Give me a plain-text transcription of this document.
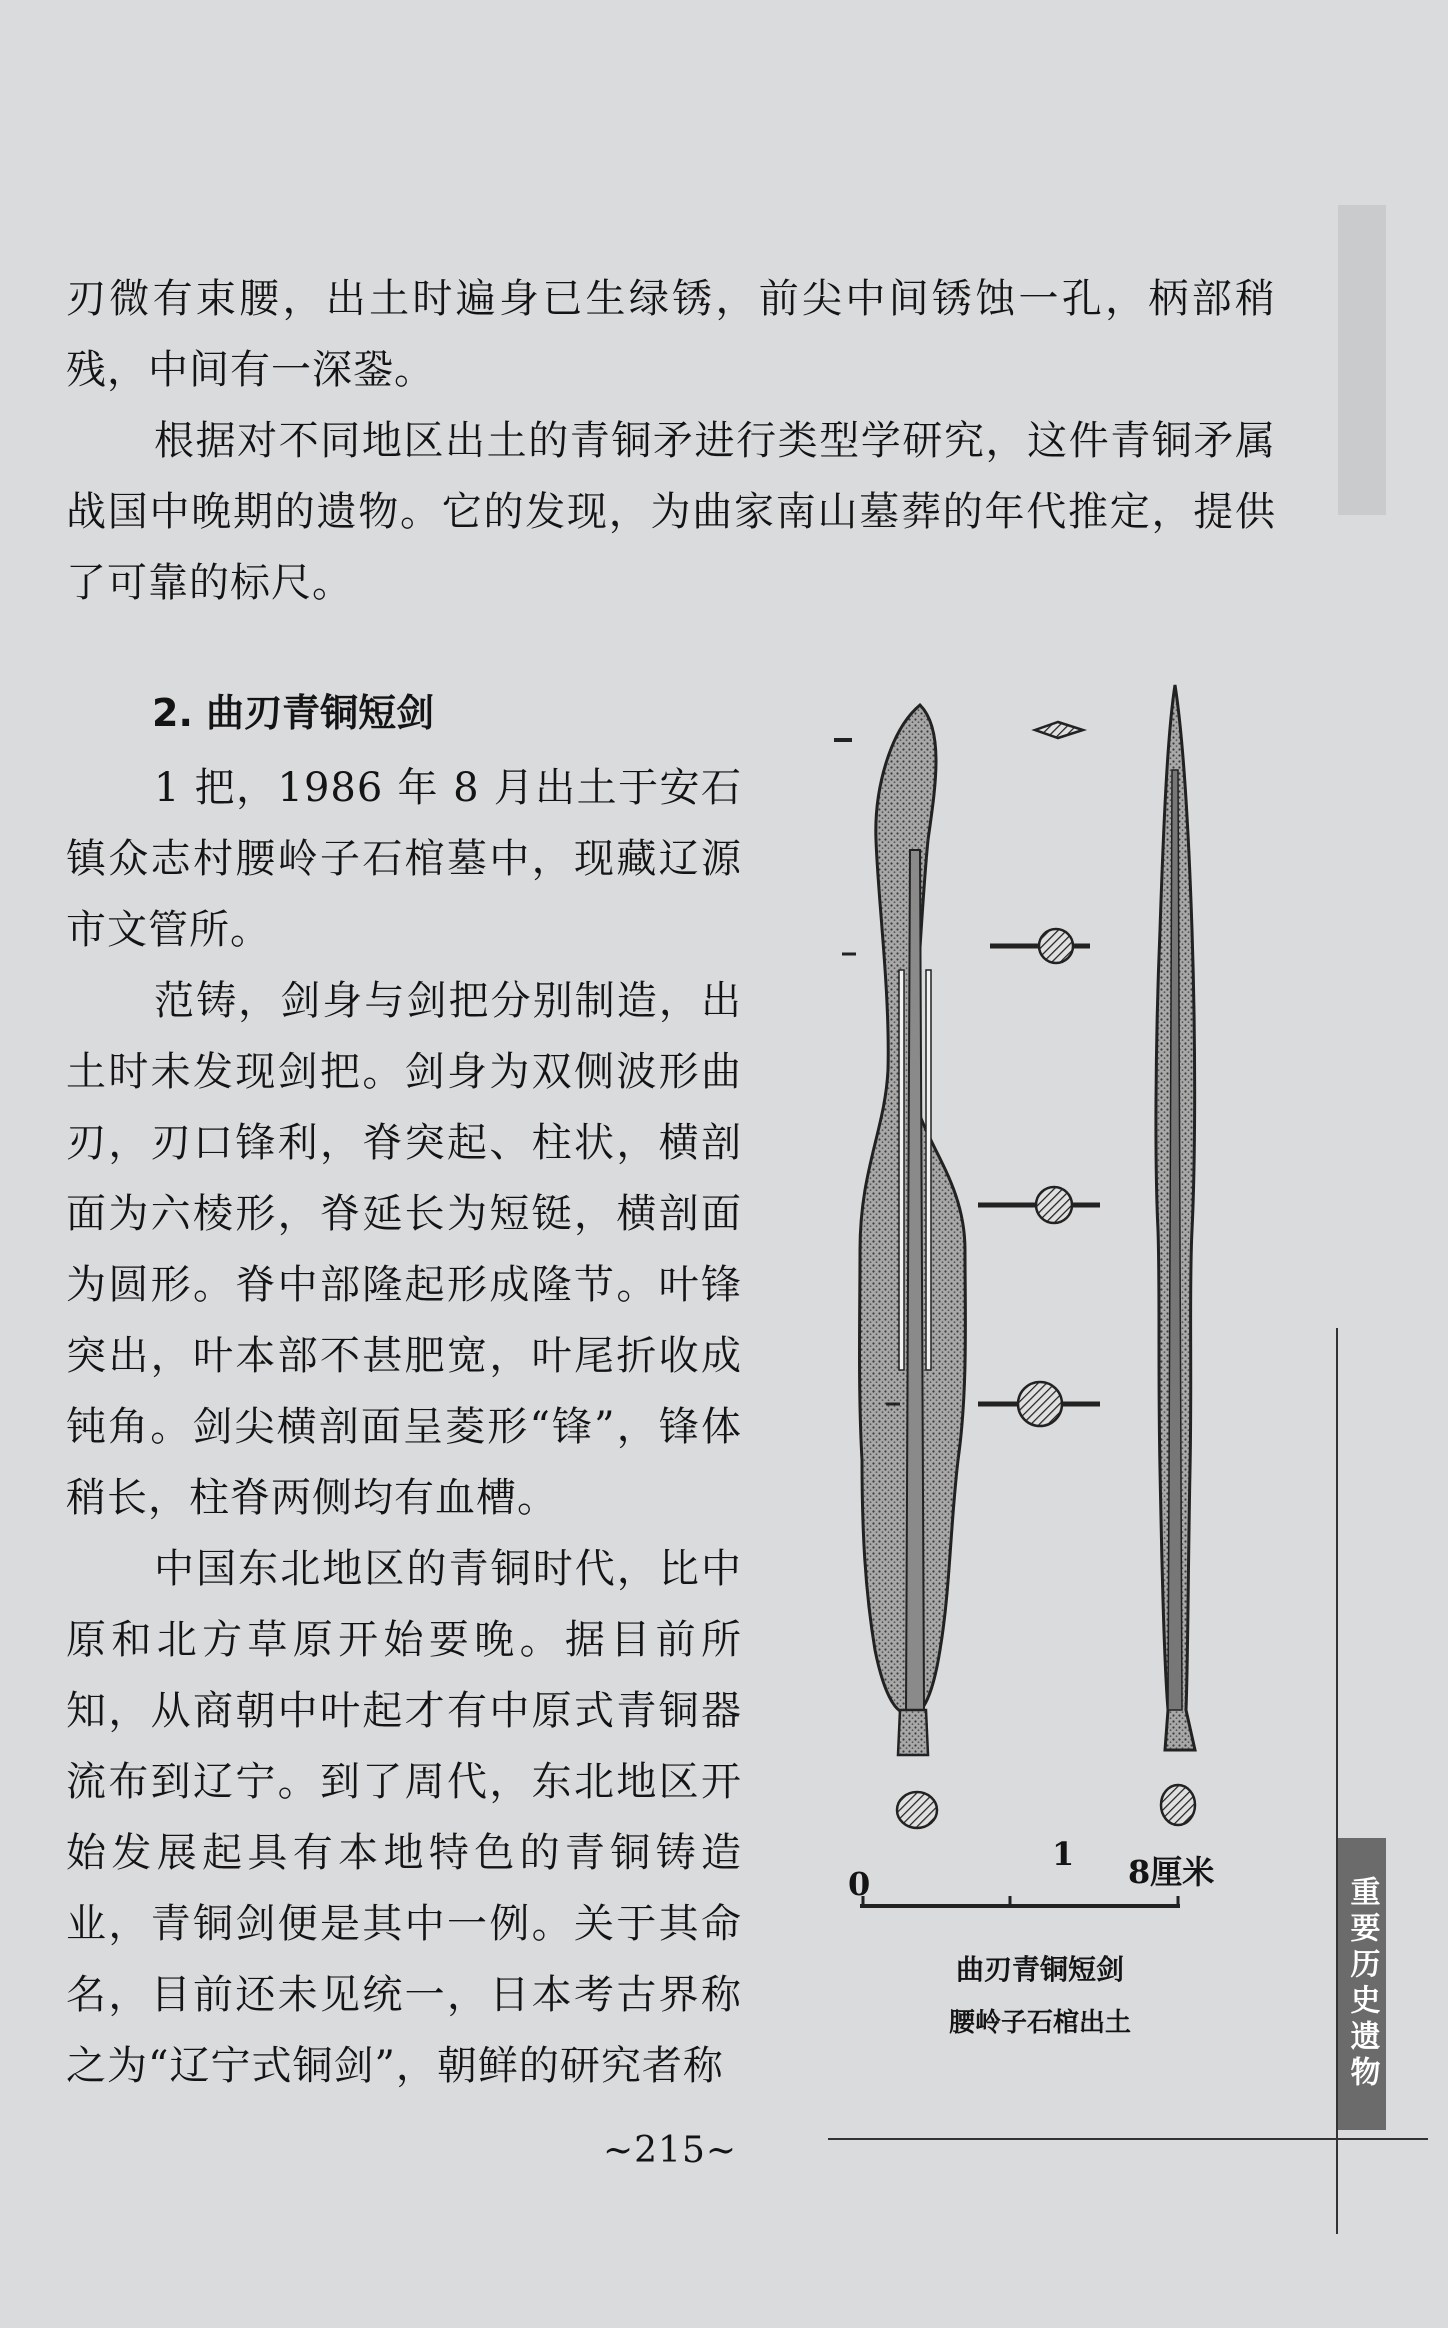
刃微有束腰，出土时遍身已生绿锈，前尖中间锈蚀一孔，柄部稍残，中间有一深銎。

根据对不同地区出土的青铜矛进行类型学研究，这件青铜矛属战国中晚期的遗物。它的发现，为曲家南山墓葬的年代推定，提供了可靠的标尺。

2. 曲刃青铜短剑

1 把，1986 年 8 月出土于安石镇众志村腰岭子石棺墓中，现藏辽源市文管所。

范铸，剑身与剑把分别制造，出土时未发现剑把。剑身为双侧波形曲刃，刃口锋利，脊突起、柱状，横剖面为六棱形，脊延长为短铤，横剖面为圆形。脊中部隆起形成隆节。叶锋突出，叶本部不甚肥宽，叶尾折收成钝角。剑尖横剖面呈菱形“锋”，锋体稍长，柱脊两侧均有血槽。

中国东北地区的青铜时代，比中原和北方草原开始要晚。据目前所知，从商朝中叶起才有中原式青铜器流布到辽宁。到了周代，东北地区开始发展起具有本地特色的青铜铸造业，青铜剑便是其中一例。关于其命名，目前还未见统一，日本考古界称之为“辽宁式铜剑”，朝鲜的研究者称

0
1 8厘米

曲刃青铜短剑

腰岭子石棺出土	重要历史遗物
~215~
